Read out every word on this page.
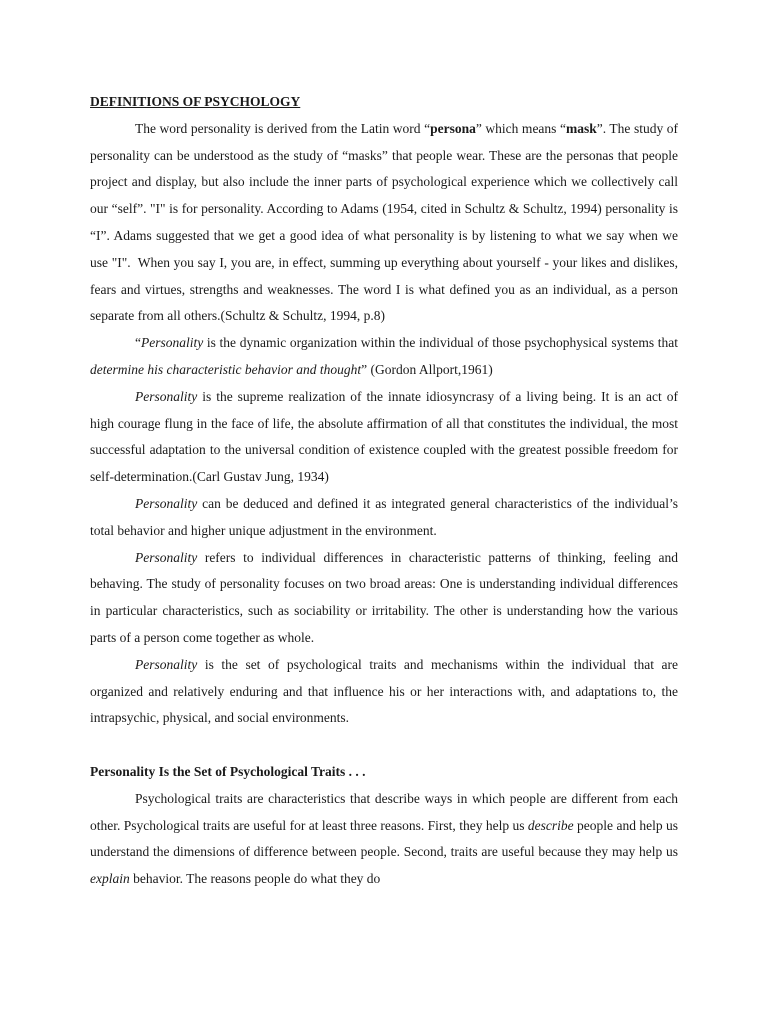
DEFINITIONS OF PSYCHOLOGY

The word personality is derived from the Latin word “persona” which means “mask”. The study of personality can be understood as the study of “masks” that people wear. These are the personas that people project and display, but also include the inner parts of psychological experience which we collectively call our “self”. "I" is for personality. According to Adams (1954, cited in Schultz & Schultz, 1994) personality is “I”. Adams suggested that we get a good idea of what personality is by listening to what we say when we use "I".  When you say I, you are, in effect, summing up everything about yourself - your likes and dislikes, fears and virtues, strengths and weaknesses. The word I is what defined you as an individual, as a person separate from all others.(Schultz & Schultz, 1994, p.8)

“Personality is the dynamic organization within the individual of those psychophysical systems that determine his characteristic behavior and thought” (Gordon Allport,1961)

Personality is the supreme realization of the innate idiosyncrasy of a living being. It is an act of high courage flung in the face of life, the absolute affirmation of all that constitutes the individual, the most successful adaptation to the universal condition of existence coupled with the greatest possible freedom for self-determination.(Carl Gustav Jung, 1934)

Personality can be deduced and defined it as integrated general characteristics of the individual’s total behavior and higher unique adjustment in the environment.

Personality refers to individual differences in characteristic patterns of thinking, feeling and behaving. The study of personality focuses on two broad areas: One is understanding individual differences in particular characteristics, such as sociability or irritability. The other is understanding how the various parts of a person come together as whole.

Personality is the set of psychological traits and mechanisms within the individual that are organized and relatively enduring and that influence his or her interactions with, and adaptations to, the intrapsychic, physical, and social environments.

Personality Is the Set of Psychological Traits . . .

Psychological traits are characteristics that describe ways in which people are different from each other. Psychological traits are useful for at least three reasons. First, they help us describe people and help us understand the dimensions of difference between people. Second, traits are useful because they may help us explain behavior. The reasons people do what they do
